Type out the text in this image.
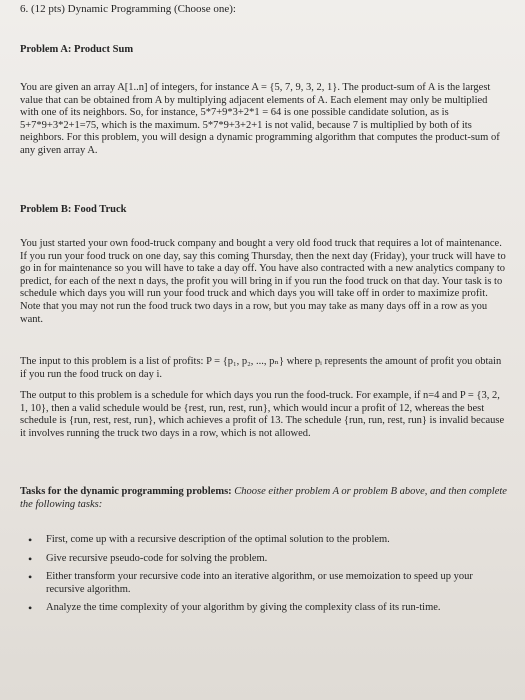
6. (12 pts) Dynamic Programming (Choose one):
Problem A: Product Sum

You are given an array A[1..n] of integers, for instance A = {5, 7, 9, 3, 2, 1}. The product-sum of A is the largest value that can be obtained from A by multiplying adjacent elements of A. Each element may only be multiplied with one of its neighbors. So, for instance, 5*7+9*3+2*1 = 64 is one possible candidate solution, as is 5+7*9+3*2+1=75, which is the maximum. 5*7*9+3+2+1 is not valid, because 7 is multiplied by both of its neighbors. For this problem, you will design a dynamic programming algorithm that computes the product-sum of any given array A.

Problem B: Food Truck

You just started your own food-truck company and bought a very old food truck that requires a lot of maintenance. If you run your food truck on one day, say this coming Thursday, then the next day (Friday), your truck will have to go in for maintenance so you will have to take a day off. You have also contracted with a new analytics company to predict, for each of the next n days, the profit you will bring in if you run the food truck on that day. Your task is to schedule which days you will run your food truck and which days you will take off in order to maximize profit. Note that you may not run the food truck two days in a row, but you may take as many days off in a row as you want.

The input to this problem is a list of profits: P = {p₁, p₂, ..., pₙ} where pᵢ represents the amount of profit you obtain if you run the food truck on day i.

The output to this problem is a schedule for which days you run the food-truck. For example, if n=4 and P = {3, 2, 1, 10}, then a valid schedule would be {rest, run, rest, run}, which would incur a profit of 12, whereas the best schedule is {run, rest, rest, run}, which achieves a profit of 13. The schedule {run, run, rest, run} is invalid because it involves running the truck two days in a row, which is not allowed.

Tasks for the dynamic programming problems: Choose either problem A or problem B above, and then complete the following tasks:

• First, come up with a recursive description of the optimal solution to the problem.
• Give recursive pseudo-code for solving the problem.
• Either transform your recursive code into an iterative algorithm, or use memoization to speed up your recursive algorithm.
• Analyze the time complexity of your algorithm by giving the complexity class of its run-time.
